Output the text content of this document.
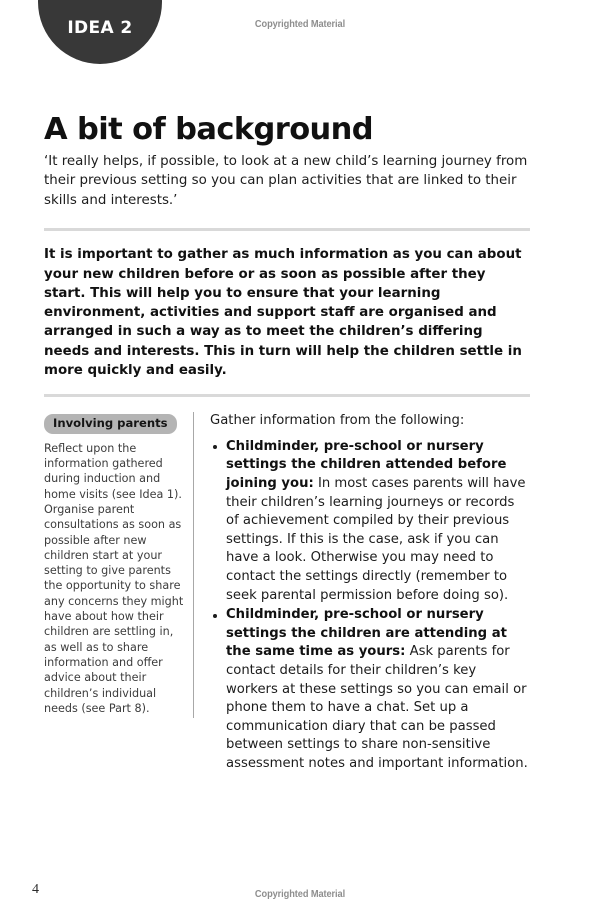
Copyrighted Material
IDEA 2
A bit of background

‘It really helps, if possible, to look at a new child’s learning journey from their previous setting so you can plan activities that are linked to their skills and interests.’

It is important to gather as much information as you can about your new children before or as soon as possible after they start. This will help you to ensure that your learning environment, activities and support staff are organised and arranged in such a way as to meet the children’s differing needs and interests. This in turn will help the children settle in more quickly and easily.

Involving parents

Reflect upon the information gathered during induction and home visits (see Idea 1). Organise parent consultations as soon as possible after new children start at your setting to give parents the opportunity to share any concerns they might have about how their children are settling in, as well as to share information and offer advice about their children’s individual needs (see Part 8).

Gather information from the following:

Childminder, pre-school or nursery settings the children attended before joining you: In most cases parents will have their children’s learning journeys or records of achievement compiled by their previous settings. If this is the case, ask if you can have a look. Otherwise you may need to contact the settings directly (remember to seek parental permission before doing so).
Childminder, pre-school or nursery settings the children are attending at the same time as yours: Ask parents for contact details for their children’s key workers at these settings so you can email or phone them to have a chat. Set up a communication diary that can be passed between settings to share non-sensitive assessment notes and important information.
4	Copyrighted Material
